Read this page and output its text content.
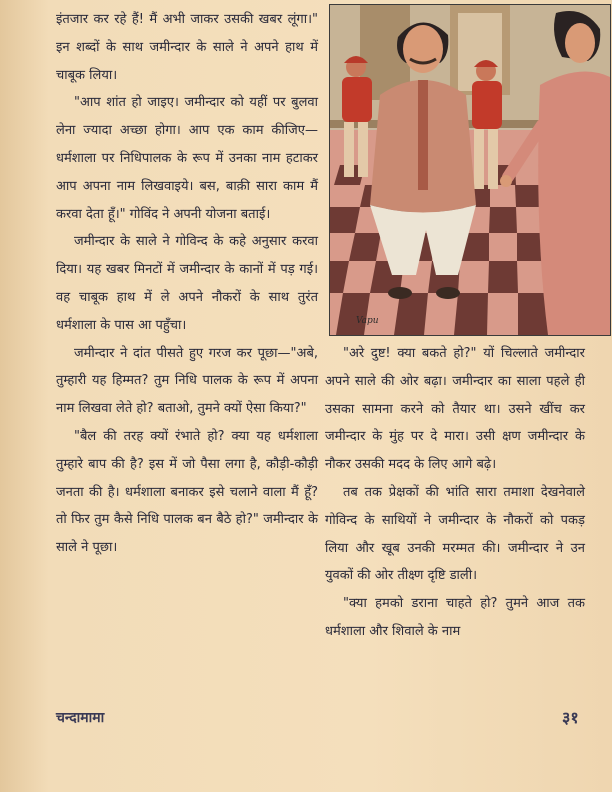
इंतजार कर रहे हैं! मैं अभी जाकर उसकी खबर लूंगा।" इन शब्दों के साथ जमीन्दार के साले ने अपने हाथ में चाबूक लिया।

"आप शांत हो जाइए। जमीन्दार को यहीं पर बुलवा लेना ज्यादा अच्छा होगा। आप एक काम कीजिए—धर्मशाला पर निधिपालक के रूप में उनका नाम हटाकर आप अपना नाम लिखवाइये। बस, बाक़ी सारा काम मैं करवा देता हूँ।" गोविंद ने अपनी योजना बताई।

जमीन्दार के साले ने गोविन्द के कहे अनुसार करवा दिया। यह खबर मिनटों में जमीन्दार के कानों में पड़ गई। वह चाबूक हाथ में ले अपने नौकरों के साथ तुरंत धर्मशाला के पास आ पहुँचा।

जमीन्दार ने दांत पीसते हुए गरज कर पूछा—"अबे, तुम्हारी यह हिम्मत? तुम निधि पालक के रूप में अपना नाम लिखवा लेते हो? बताओ, तुमने क्यों ऐसा किया?"

"बैल की तरह क्यों रंभाते हो? क्या यह धर्मशाला तुम्हारे बाप की है? इस में जो पैसा लगा है, कौड़ी-कौड़ी जनता की है। धर्मशाला बनाकर इसे चलाने वाला मैं हूँ? तो फिर तुम कैसे निधि पालक बन बैठे हो?" जमीन्दार के साले ने पूछा।

Vapu

"अरे दुष्ट! क्या बकते हो?" यों चिल्लाते जमीन्दार अपने साले की ओर बढ़ा। जमीन्दार का साला पहले ही उसका सामना करने को तैयार था। उसने खींच कर जमीन्दार के मुंह पर दे मारा। उसी क्षण जमीन्दार के नौकर उसकी मदद के लिए आगे बढ़े।

तब तक प्रेक्षकों की भांति सारा तमाशा देखनेवाले गोविन्द के साथियों ने जमीन्दार के नौकरों को पकड़ लिया और खूब उनकी मरम्मत की। जमीन्दार ने उन युवकों की ओर तीक्ष्ण दृष्टि डाली।

"क्या हमको डराना चाहते हो? तुमने आज तक धर्मशाला और शिवाले के नाम

चन्दामामा	३१
